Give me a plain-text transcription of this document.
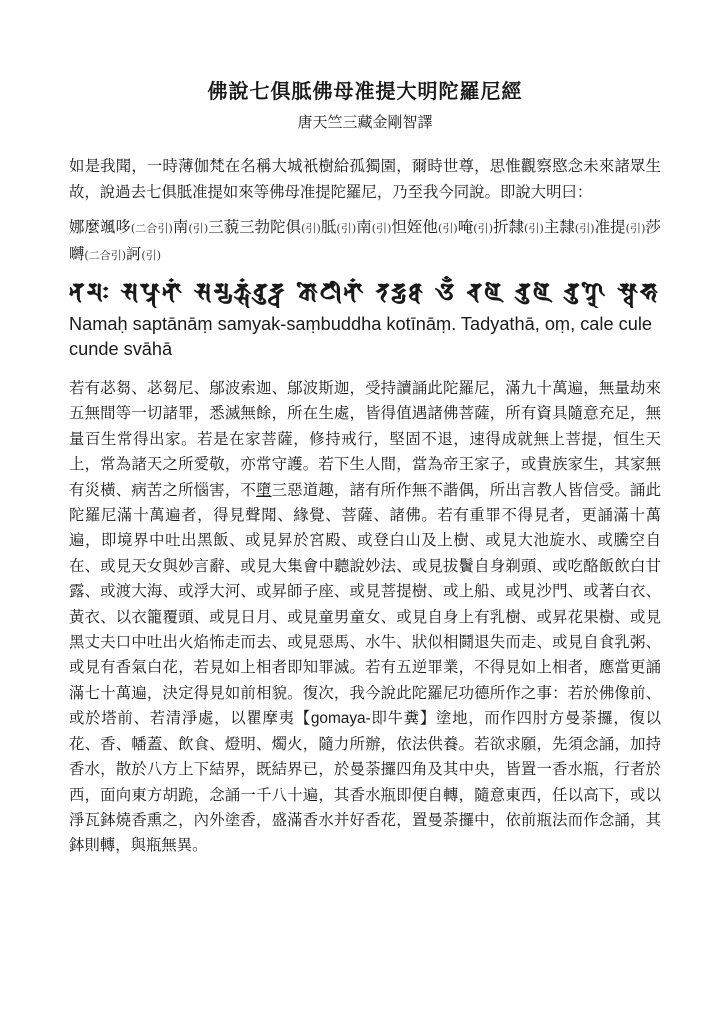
佛說七俱胝佛母准提大明陀羅尼經

唐天竺三藏金剛智譯

如是我聞，一時薄伽梵在名稱大城衹樹給孤獨園，爾時世尊，思惟觀察愍念未來諸眾生故，說過去七俱胝准提如來等佛母准提陀羅尼，乃至我今同說。即說大明曰：

娜麼颯哆(二合引)南(引)三藐三勃陀俱(引)胝(引)南(引)怛姪他(引)唵(引)折隸(引)主隸(引)准提(引)莎嚩(二合引)訶(引)

𑖡𑖦𑖾 𑖭𑖢𑖿𑖝𑖯𑖡𑖯𑖽 𑖭𑖦𑖿𑖧𑖎𑖿𑖭𑖽𑖤𑖲𑖟𑖿𑖠 𑖎𑖺𑖘𑖱𑖡𑖯𑖽 𑖝𑖟𑖿𑖧𑖞𑖯 𑖌𑖼 𑖓𑖩𑖸 𑖓𑖲𑖩𑖸 𑖓𑖲𑖜𑖿𑖚𑖸 𑖭𑖿𑖪𑖯𑖮𑖯
Namaḥ saptānāṃ samyak-saṃbuddha kotīnāṃ. Tadyathā, oṃ, cale cule cunde svāhā

若有苾芻、苾芻尼、鄔波索迦、鄔波斯迦，受持讀誦此陀羅尼，滿九十萬遍，無量劫來五無間等一切諸罪，悉滅無餘，所在生處，皆得值遇諸佛菩薩，所有資具隨意充足，無量百生常得出家。若是在家菩薩，修持戒行，堅固不退，速得成就無上菩提，恒生天上，常為諸天之所愛敬，亦常守護。若下生人間，當為帝王家子，或貴族家生，其家無有災橫、病苦之所惱害，不墮三惡道趣，諸有所作無不諧偶，所出言教人皆信受。誦此陀羅尼滿十萬遍者，得見聲聞、緣覺、菩薩、諸佛。若有重罪不得見者，更誦滿十萬遍，即境界中吐出黑飯、或見昇於宮殿、或登白山及上樹、或見大池旋水、或騰空自在、或見天女與妙言辭、或見大集會中聽說妙法、或見拔鬢自身剃頭、或吃酪飯飲白甘露、或渡大海、或浮大河、或昇師子座、或見菩提樹、或上船、或見沙門、或著白衣、黃衣、以衣籠覆頭、或見日月、或見童男童女、或見自身上有乳樹、或昇花果樹、或見黑丈夫口中吐出火焰怖走而去、或見惡馬、水牛、狀似相鬪退失而走、或見自食乳粥、或見有香氣白花，若見如上相者即知罪滅。若有五逆罪業，不得見如上相者，應當更誦滿七十萬遍，決定得見如前相貌。復次，我今說此陀羅尼功德所作之事：若於佛像前、或於塔前、若清淨處，以瞿摩夷【gomaya-即牛糞】塗地，而作四肘方曼荼攞，復以花、香、幡蓋、飲食、燈明、燭火，隨力所辦，依法供養。若欲求願，先須念誦，加持香水，散於八方上下結界，既結界已，於曼荼攞四角及其中央，皆置一香水瓶，行者於西，面向東方胡跪，念誦一千八十遍，其香水瓶即便自轉，隨意東西，任以高下，或以淨瓦鉢燒香熏之，內外塗香，盛滿香水并好香花，置曼荼攞中，依前瓶法而作念誦，其鉢則轉，與瓶無異。
